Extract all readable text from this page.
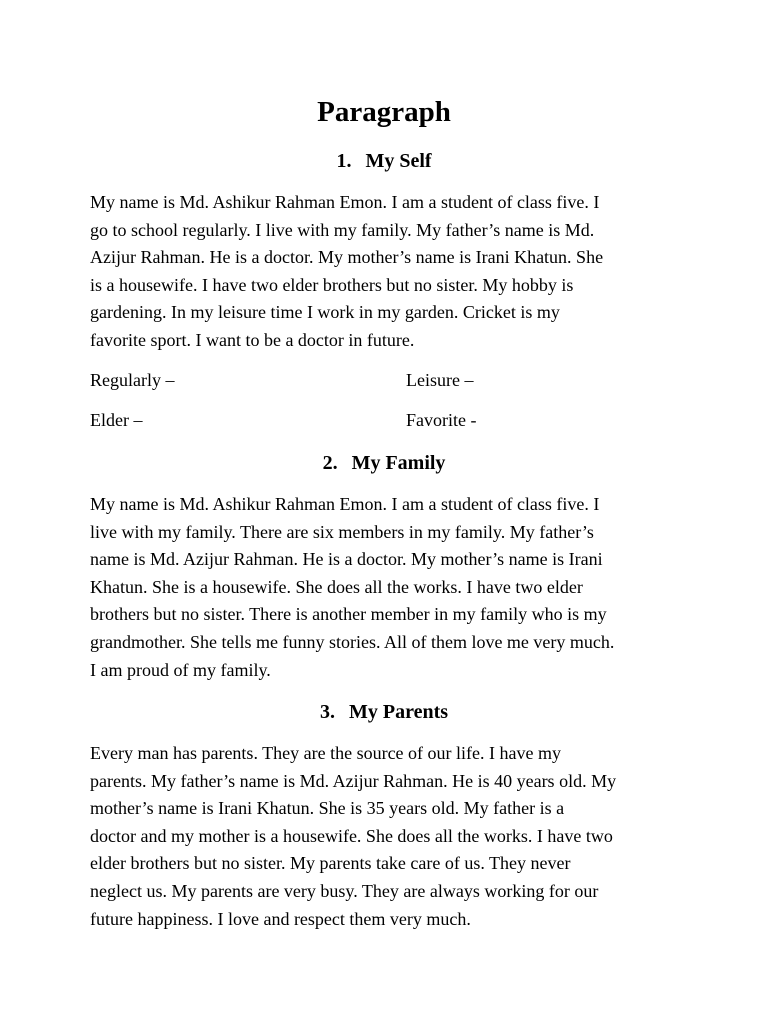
Paragraph
1. My Self

My name is Md. Ashikur Rahman Emon. I am a student of class five. I
go to school regularly. I live with my family. My father’s name is Md.
Azijur Rahman. He is a doctor. My mother’s name is Irani Khatun. She
is a housewife. I have two elder brothers but no sister. My hobby is
gardening. In my leisure time I work in my garden. Cricket is my
favorite sport. I want to be a doctor in future.

Regularly –	Leisure –
Elder –	Favorite -
2. My Family

My name is Md. Ashikur Rahman Emon. I am a student of class five. I
live with my family. There are six members in my family. My father’s
name is Md. Azijur Rahman. He is a doctor. My mother’s name is Irani
Khatun. She is a housewife. She does all the works. I have two elder
brothers but no sister. There is another member in my family who is my
grandmother. She tells me funny stories. All of them love me very much.
I am proud of my family.

3. My Parents

Every man has parents. They are the source of our life. I have my
parents. My father’s name is Md. Azijur Rahman. He is 40 years old. My
mother’s name is Irani Khatun. She is 35 years old. My father is a
doctor and my mother is a housewife. She does all the works. I have two
elder brothers but no sister. My parents take care of us. They never
neglect us. My parents are very busy. They are always working for our
future happiness. I love and respect them very much.
